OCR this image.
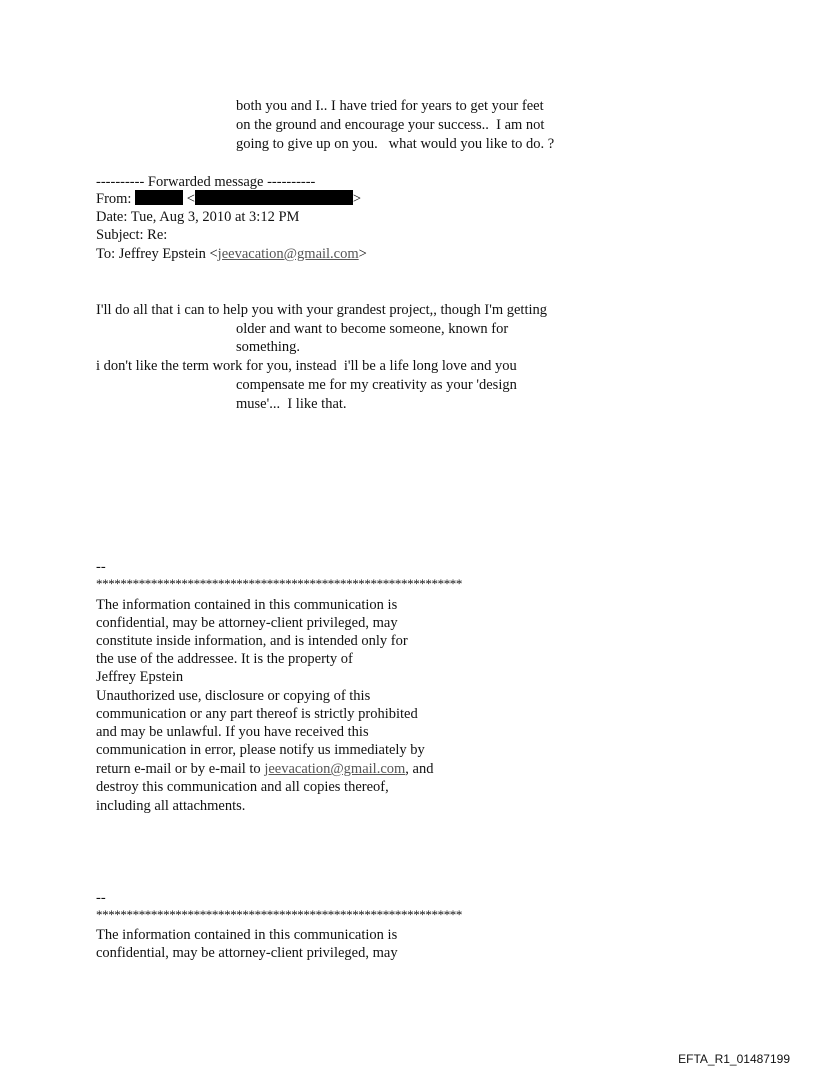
both you and I.. I have tried for years to get your feet
on the ground and encourage your success..  I am not
going to give up on you.   what would you like to do. ?
---------- Forwarded message ----------
From:	<	>
Date: Tue, Aug 3, 2010 at 3:12 PM
Subject: Re:
To: Jeffrey Epstein <jeevacation@gmail.com>
I'll do all that i can to help you with your grandest project,, though I'm getting
older and want to become someone, known for
something.
i don't like the term work for you, instead  i'll be a life long love and you
compensate me for my creativity as your 'design
muse'...  I like that.
--
************************************************************
The information contained in this communication is
confidential, may be attorney-client privileged, may
constitute inside information, and is intended only for
the use of the addressee. It is the property of
Jeffrey Epstein
Unauthorized use, disclosure or copying of this
communication or any part thereof is strictly prohibited
and may be unlawful. If you have received this
communication in error, please notify us immediately by
return e-mail or by e-mail to jeevacation@gmail.com, and
destroy this communication and all copies thereof,
including all attachments.
--
************************************************************
The information contained in this communication is
confidential, may be attorney-client privileged, may
EFTA_R1_01487199
